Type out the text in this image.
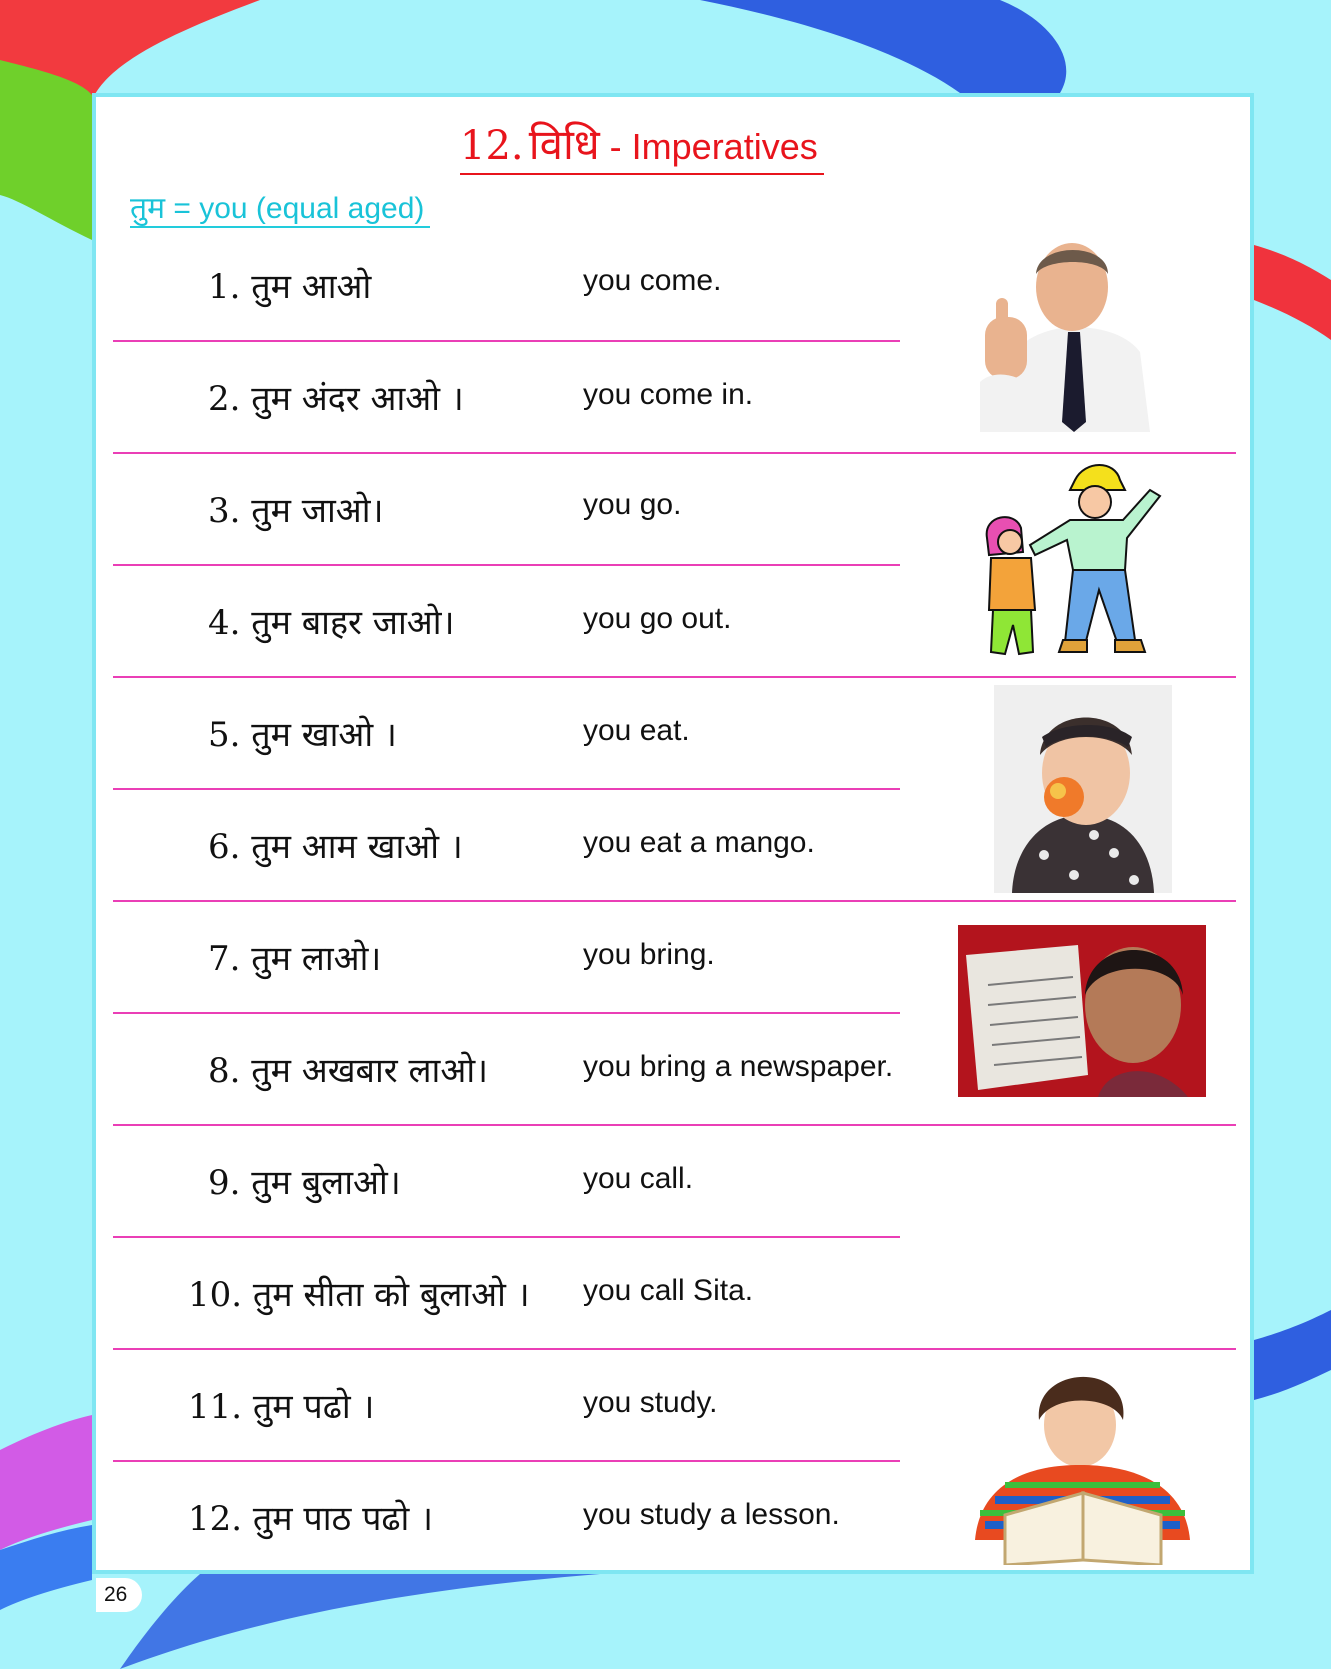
12. विधि - Imperatives
तुम = you (equal aged)
1. तुम आओ	you come.
2. तुम अंदर आओ ।	you come in.
3. तुम जाओ।	you go.
4. तुम बाहर जाओ।	you go out.
5. तुम खाओ ।	you eat.
6. तुम आम खाओ ।	you eat a mango.
7. तुम लाओ।	you bring.
8. तुम अखबार लाओ।	you bring a newspaper.
9. तुम बुलाओ।	you call.
10. तुम सीता को बुलाओ । you call Sita.
11. तुम पढो ।	you study.
12. तुम पाठ पढो ।	you study a lesson.
26
